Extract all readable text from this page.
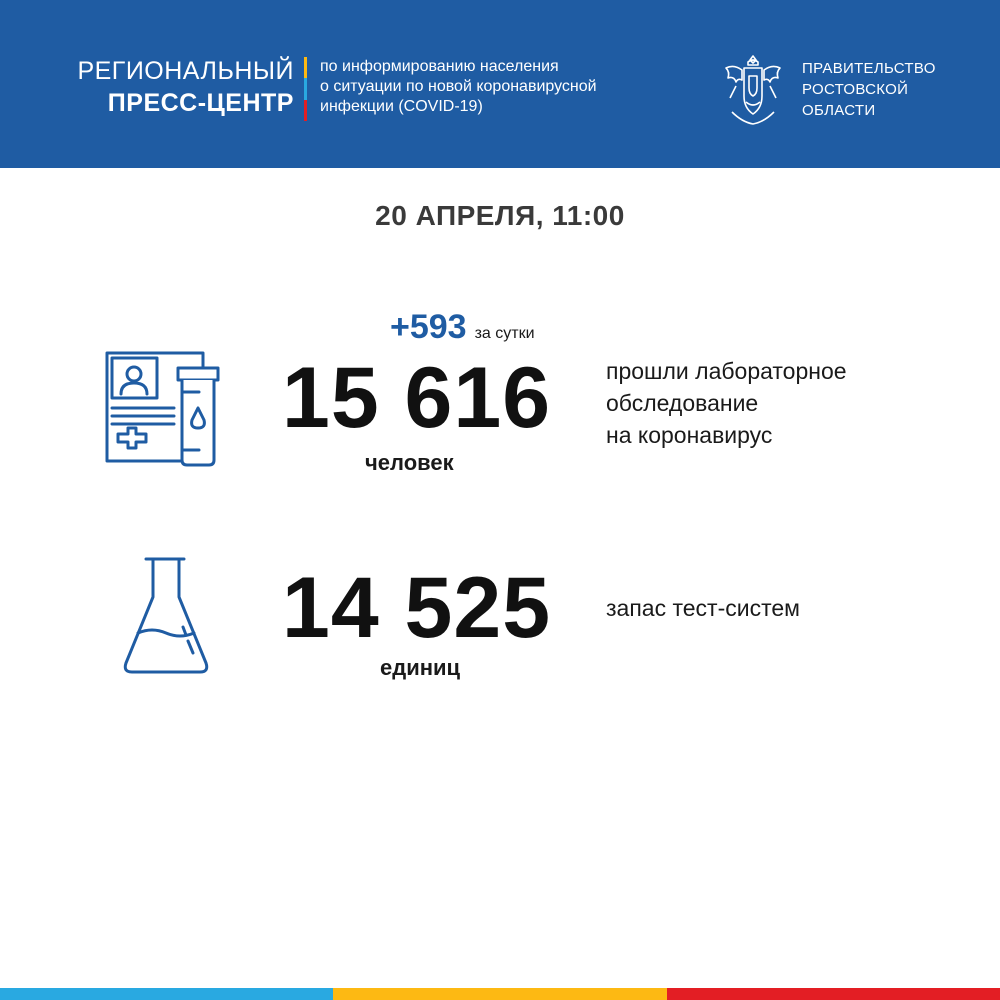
РЕГИОНАЛЬНЫЙ
ПРЕСС-ЦЕНТР
по информированию населения
о ситуации по новой коронавирусной
инфекции (COVID-19)
ПРАВИТЕЛЬСТВО
РОСТОВСКОЙ
ОБЛАСТИ
20 АПРЕЛЯ, 11:00
+593 за сутки
15 616
человек
прошли лабораторное
обследование
на коронавирус
14 525
единиц
запас тест-систем
